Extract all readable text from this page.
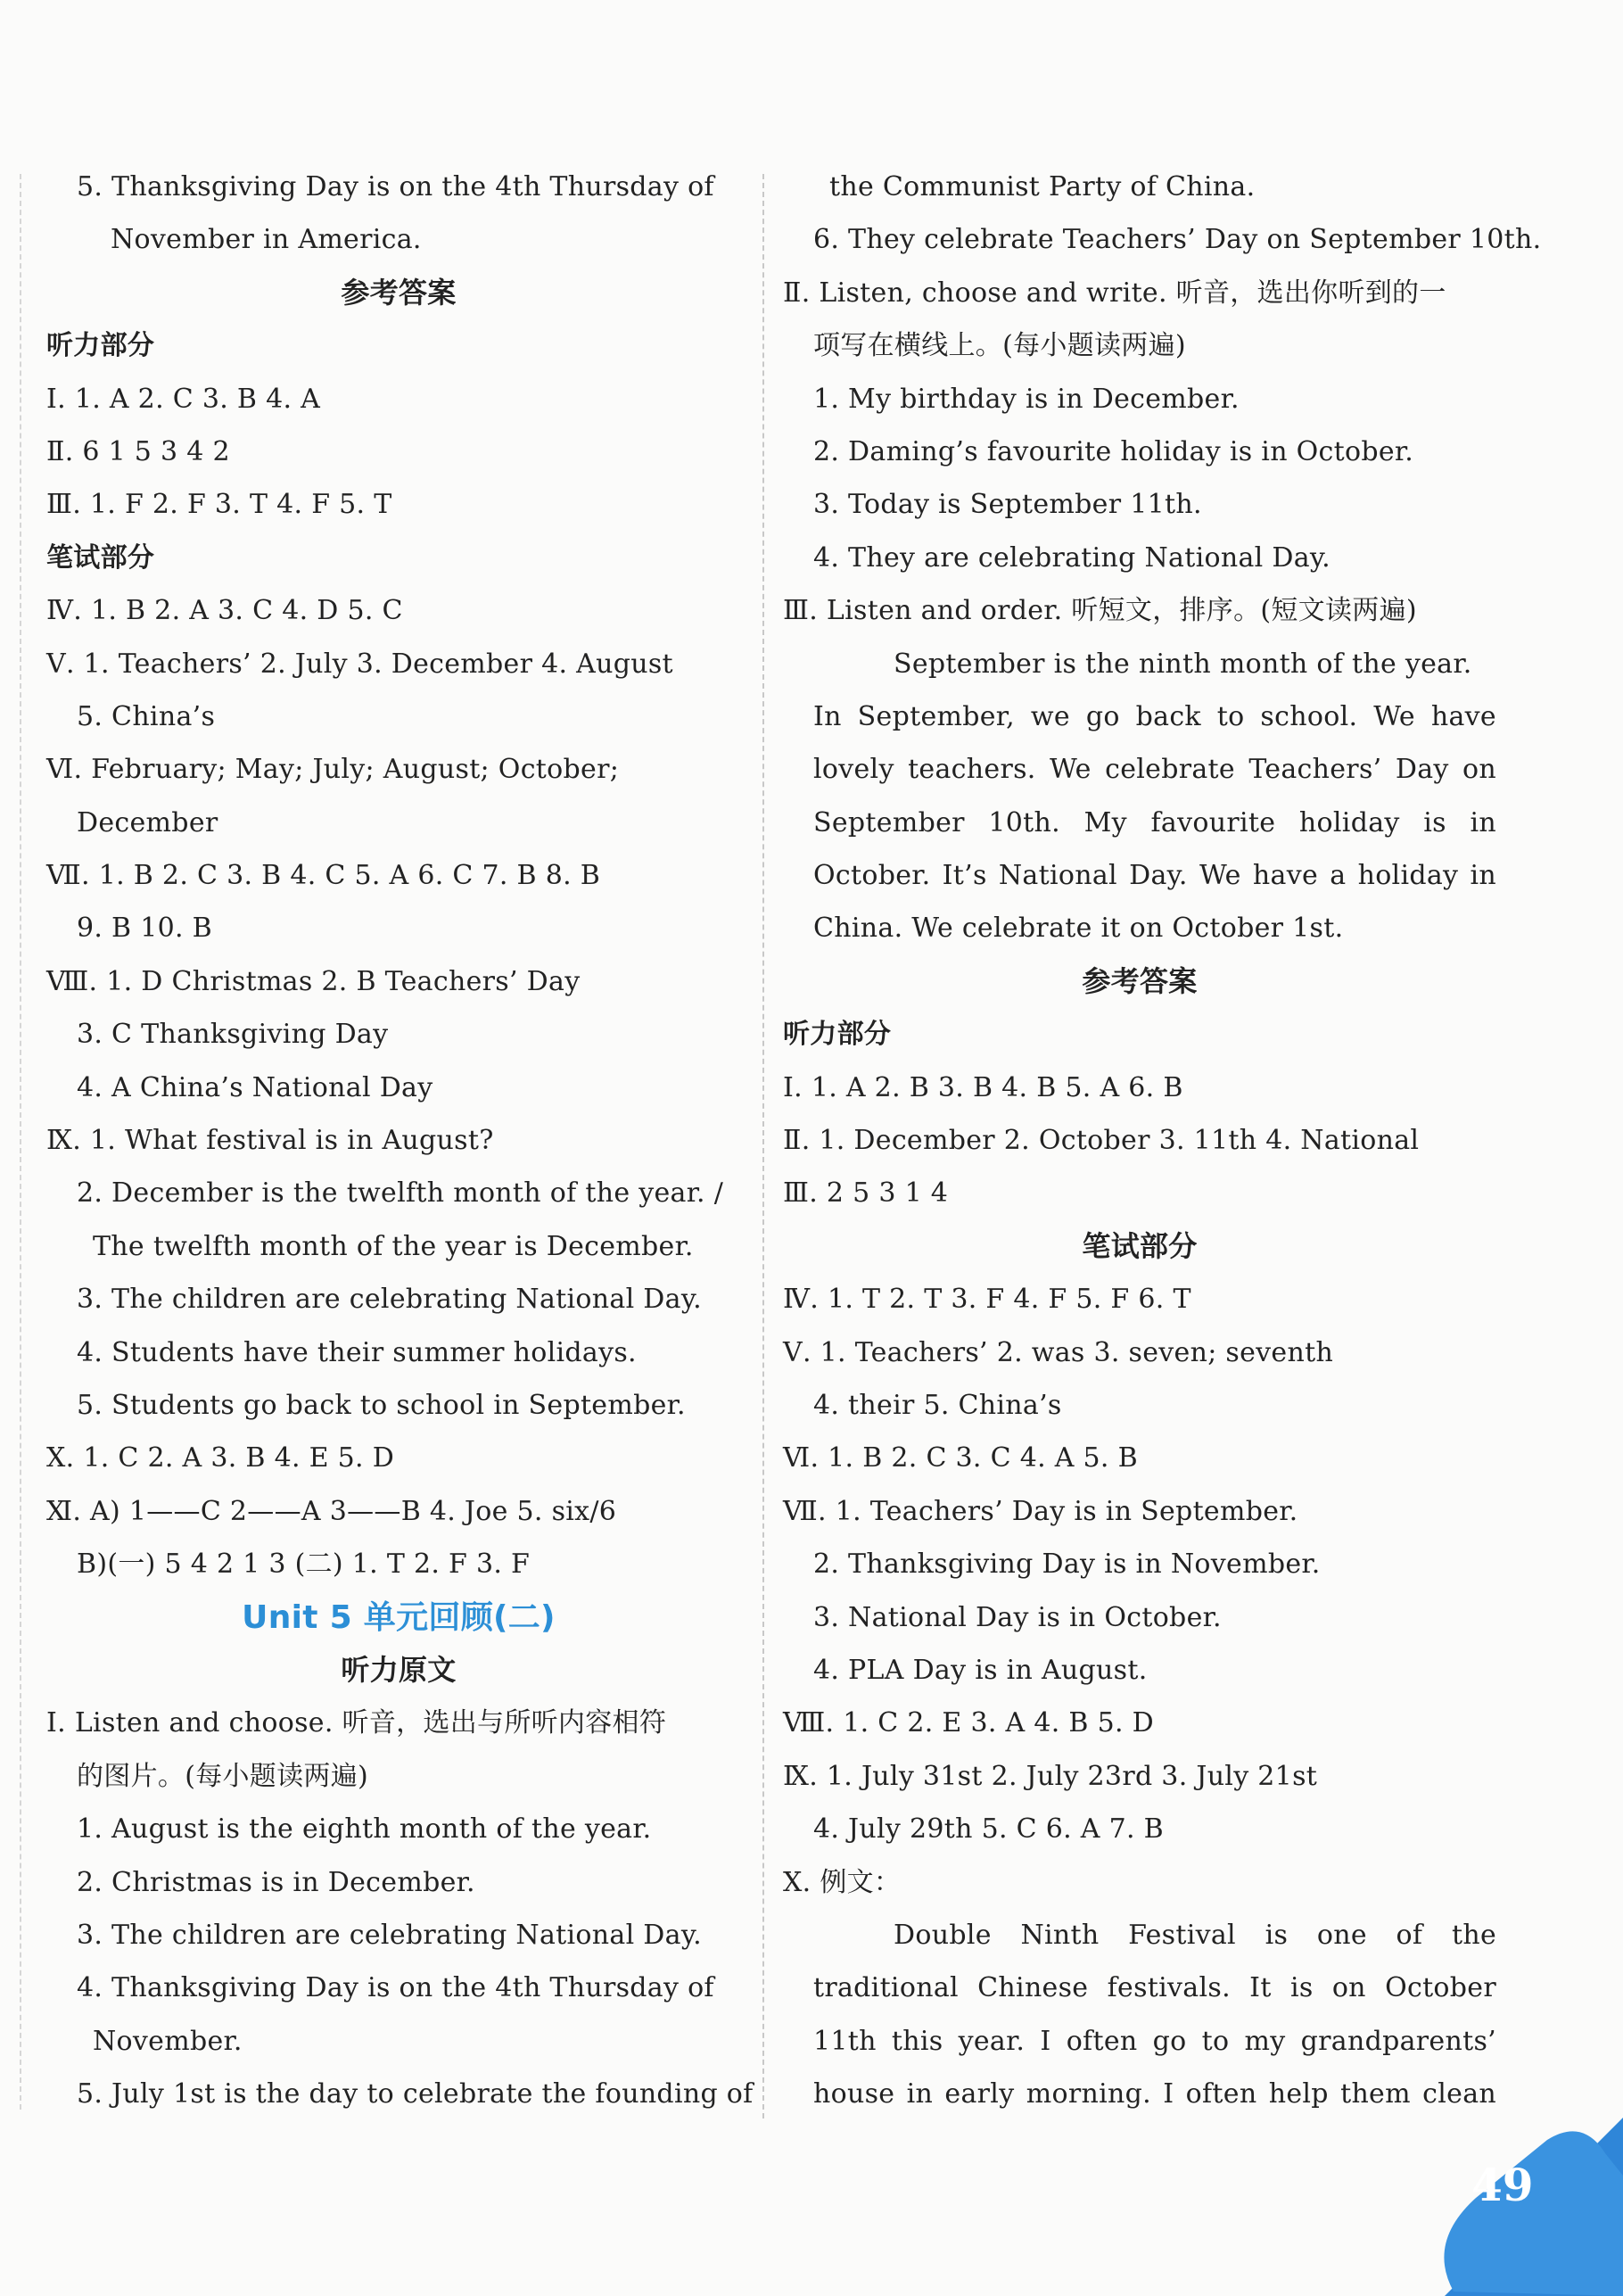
5. Thanksgiving Day is on the 4th Thursday of
November in America.
参考答案
听力部分
Ⅰ. 1. A 2. C 3. B 4. A
Ⅱ. 6 1 5 3 4 2
Ⅲ. 1. F 2. F 3. T 4. F 5. T
笔试部分
Ⅳ. 1. B 2. A 3. C 4. D 5. C
Ⅴ. 1. Teachers’ 2. July 3. December 4. August
5. China’s
Ⅵ. February; May; July; August; October;
December
Ⅶ. 1. B 2. C 3. B 4. C 5. A 6. C 7. B 8. B
9. B 10. B
Ⅷ. 1. D Christmas 2. B Teachers’ Day
3. C Thanksgiving Day
4. A China’s National Day
Ⅸ. 1. What festival is in August?
2. December is the twelfth month of the year. /
The twelfth month of the year is December.
3. The children are celebrating National Day.
4. Students have their summer holidays.
5. Students go back to school in September.
Ⅹ. 1. C 2. A 3. B 4. E 5. D
Ⅺ. A) 1——C 2——A 3——B 4. Joe 5. six/6
B)(一) 5 4 2 1 3 (二) 1. T 2. F 3. F
Unit 5 单元回顾(二)
听力原文
Ⅰ. Listen and choose. 听音，选出与所听内容相符
的图片。(每小题读两遍)
1. August is the eighth month of the year.
2. Christmas is in December.
3. The children are celebrating National Day.
4. Thanksgiving Day is on the 4th Thursday of
November.
5. July 1st is the day to celebrate the founding of
the Communist Party of China.
6. They celebrate Teachers’ Day on September 10th.
Ⅱ. Listen, choose and write. 听音，选出你听到的一
项写在横线上。(每小题读两遍)
1. My birthday is in December.
2. Daming’s favourite holiday is in October.
3. Today is September 11th.
4. They are celebrating National Day.
Ⅲ. Listen and order. 听短文，排序。(短文读两遍)
September is the ninth month of the year.
In September, we go back to school. We have
lovely teachers. We celebrate Teachers’ Day on
September 10th. My favourite holiday is in
October. It’s National Day. We have a holiday in
China. We celebrate it on October 1st.
参考答案
听力部分
Ⅰ. 1. A 2. B 3. B 4. B 5. A 6. B
Ⅱ. 1. December 2. October 3. 11th 4. National
Ⅲ. 2 5 3 1 4
笔试部分
Ⅳ. 1. T 2. T 3. F 4. F 5. F 6. T
Ⅴ. 1. Teachers’ 2. was 3. seven; seventh
4. their 5. China’s
Ⅵ. 1. B 2. C 3. C 4. A 5. B
Ⅶ. 1. Teachers’ Day is in September.
2. Thanksgiving Day is in November.
3. National Day is in October.
4. PLA Day is in August.
Ⅷ. 1. C 2. E 3. A 4. B 5. D
Ⅸ. 1. July 31st 2. July 23rd 3. July 21st
4. July 29th 5. C 6. A 7. B
Ⅹ. 例文：
Double Ninth Festival is one of the
traditional Chinese festivals. It is on October
11th this year. I often go to my grandparents’
house in early morning. I often help them clean
49
